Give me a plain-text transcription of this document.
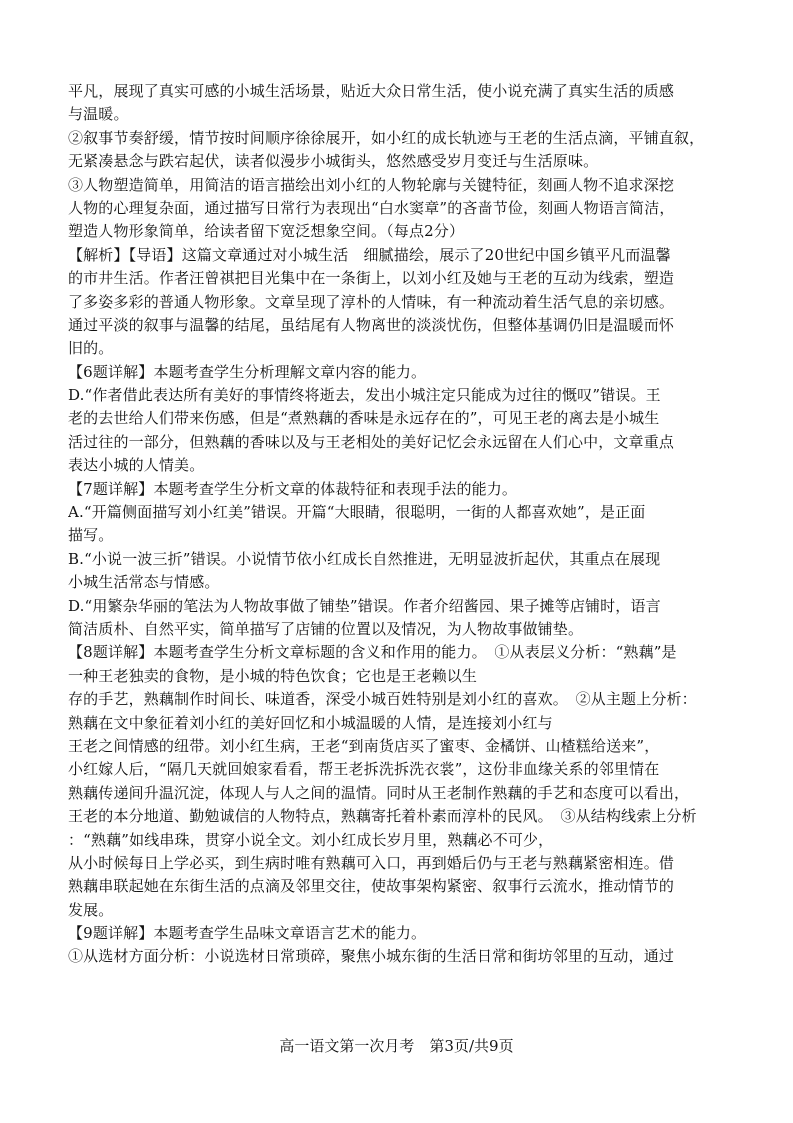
平凡，展现了真实可感的小城生活场景，贴近大众日常生活，使小说充满了真实生活的质感
与温暖。
②叙事节奏舒缓，情节按时间顺序徐徐展开，如小红的成长轨迹与王老的生活点滴，平铺直叙，
无紧凑悬念与跌宕起伏，读者似漫步小城街头，悠然感受岁月变迁与生活原味。
③人物塑造简单，用简洁的语言描绘出刘小红的人物轮廓与关键特征，刻画人物不追求深挖
人物的心理复杂面，通过描写日常行为表现出“白水窦章”的吝啬节俭，刻画人物语言简洁，
塑造人物形象简单，给读者留下宽泛想象空间。（每点2分）
【解析】【导语】这篇文章通过对小城生活　细腻描绘，展示了20世纪中国乡镇平凡而温馨
的市井生活。作者汪曾祺把目光集中在一条街上，以刘小红及她与王老的互动为线索，塑造
了多姿多彩的普通人物形象。文章呈现了淳朴的人情味，有一种流动着生活气息的亲切感。
通过平淡的叙事与温馨的结尾，虽结尾有人物离世的淡淡忧伤，但整体基调仍旧是温暖而怀
旧的。
【6题详解】本题考查学生分析理解文章内容的能力。
D.“作者借此表达所有美好的事情终将逝去，发出小城注定只能成为过往的慨叹”错误。王
老的去世给人们带来伤感，但是“煮熟藕的香味是永远存在的”，可见王老的离去是小城生
活过往的一部分，但熟藕的香味以及与王老相处的美好记忆会永远留在人们心中，文章重点
表达小城的人情美。
【7题详解】本题考查学生分析文章的体裁特征和表现手法的能力。
A.“开篇侧面描写刘小红美”错误。开篇“大眼睛，很聪明，一街的人都喜欢她”，是正面
描写。
B.“小说一波三折”错误。小说情节依小红成长自然推进，无明显波折起伏，其重点在展现
小城生活常态与情感。
D.“用繁杂华丽的笔法为人物故事做了铺垫”错误。作者介绍酱园、果子摊等店铺时，语言
简洁质朴、自然平实，简单描写了店铺的位置以及情况，为人物故事做铺垫。
【8题详解】本题考查学生分析文章标题的含义和作用的能力。　①从表层义分析：“熟藕”是
一种王老独卖的食物，是小城的特色饮食；它也是王老赖以生
存的手艺，熟藕制作时间长、味道香，深受小城百姓特别是刘小红的喜欢。　②从主题上分析：
熟藕在文中象征着刘小红的美好回忆和小城温暖的人情，是连接刘小红与
王老之间情感的纽带。刘小红生病，王老“到南货店买了蜜枣、金橘饼、山楂糕给送来”，
小红嫁人后，“隔几天就回娘家看看，帮王老拆洗拆洗衣裳”，这份非血缘关系的邻里情在
熟藕传递间升温沉淀，体现人与人之间的温情。同时从王老制作熟藕的手艺和态度可以看出，
王老的本分地道、勤勉诚信的人物特点，熟藕寄托着朴素而淳朴的民风。　③从结构线索上分析
：“熟藕”如线串珠，贯穿小说全文。刘小红成长岁月里，熟藕必不可少，
从小时候每日上学必买，到生病时唯有熟藕可入口，再到婚后仍与王老与熟藕紧密相连。借
熟藕串联起她在东街生活的点滴及邻里交往，使故事架构紧密、叙事行云流水，推动情节的
发展。
【9题详解】本题考查学生品味文章语言艺术的能力。
①从选材方面分析：小说选材日常琐碎，聚焦小城东街的生活日常和街坊邻里的互动，通过
高一语文第一次月考　第3页/共9页
